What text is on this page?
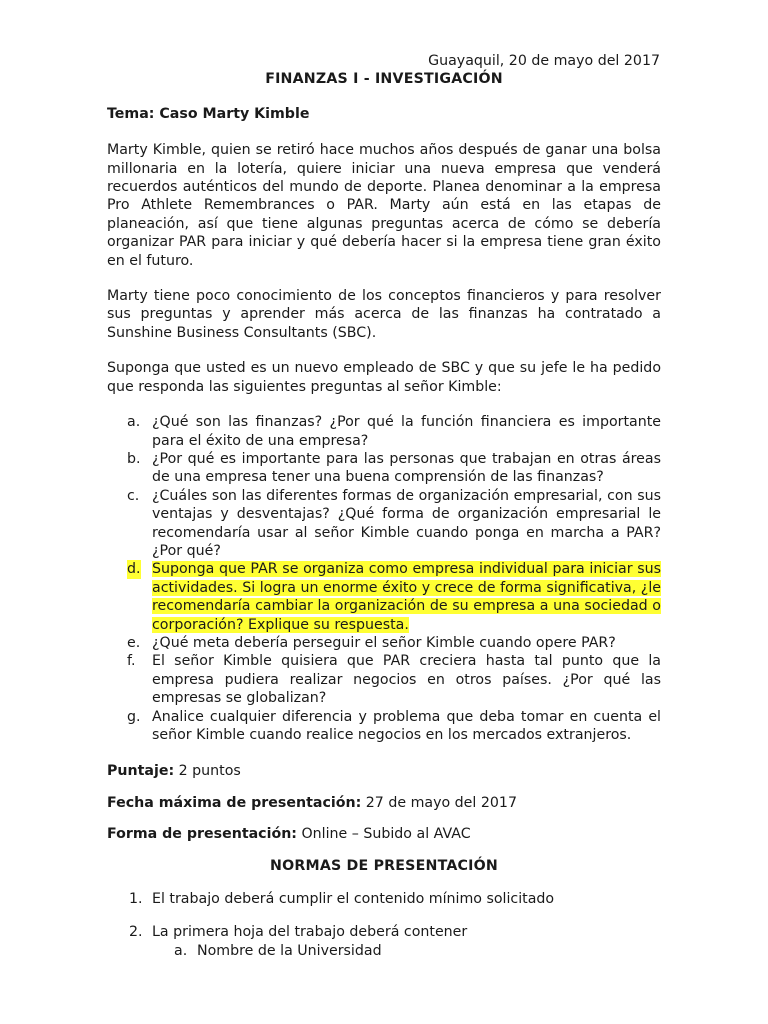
Guayaquil, 20 de mayo del 2017
FINANZAS I - INVESTIGACIÓN
Tema: Caso Marty Kimble
Marty Kimble, quien se retiró hace muchos años después de ganar una bolsa millonaria en la lotería, quiere iniciar una nueva empresa que venderá recuerdos auténticos del mundo de deporte. Planea denominar a la empresa Pro Athlete Remembrances o PAR. Marty aún está en las etapas de planeación, así que tiene algunas preguntas acerca de cómo se debería organizar PAR para iniciar y qué debería hacer si la empresa tiene gran éxito en el futuro.
Marty tiene poco conocimiento de los conceptos financieros y para resolver sus preguntas y aprender más acerca de las finanzas ha contratado a Sunshine Business Consultants (SBC).
Suponga que usted es un nuevo empleado de SBC y que su jefe le ha pedido que responda las siguientes preguntas al señor Kimble:
a. ¿Qué son las finanzas? ¿Por qué la función financiera es importante para el éxito de una empresa?
b. ¿Por qué es importante para las personas que trabajan en otras áreas de una empresa tener una buena comprensión de las finanzas?
c. ¿Cuáles son las diferentes formas de organización empresarial, con sus ventajas y desventajas? ¿Qué forma de organización empresarial le recomendaría usar al señor Kimble cuando ponga en marcha a PAR? ¿Por qué?
d. Suponga que PAR se organiza como empresa individual para iniciar sus actividades. Si logra un enorme éxito y crece de forma significativa, ¿le recomendaría cambiar la organización de su empresa a una sociedad o corporación? Explique su respuesta.
e. ¿Qué meta debería perseguir el señor Kimble cuando opere PAR?
f. El señor Kimble quisiera que PAR creciera hasta tal punto que la empresa pudiera realizar negocios en otros países. ¿Por qué las empresas se globalizan?
g. Analice cualquier diferencia y problema que deba tomar en cuenta el señor Kimble cuando realice negocios en los mercados extranjeros.
Puntaje: 2 puntos
Fecha máxima de presentación: 27 de mayo del 2017
Forma de presentación: Online – Subido al AVAC
NORMAS DE PRESENTACIÓN
1. El trabajo deberá cumplir el contenido mínimo solicitado
2. La primera hoja del trabajo deberá contener
a. Nombre de la Universidad
